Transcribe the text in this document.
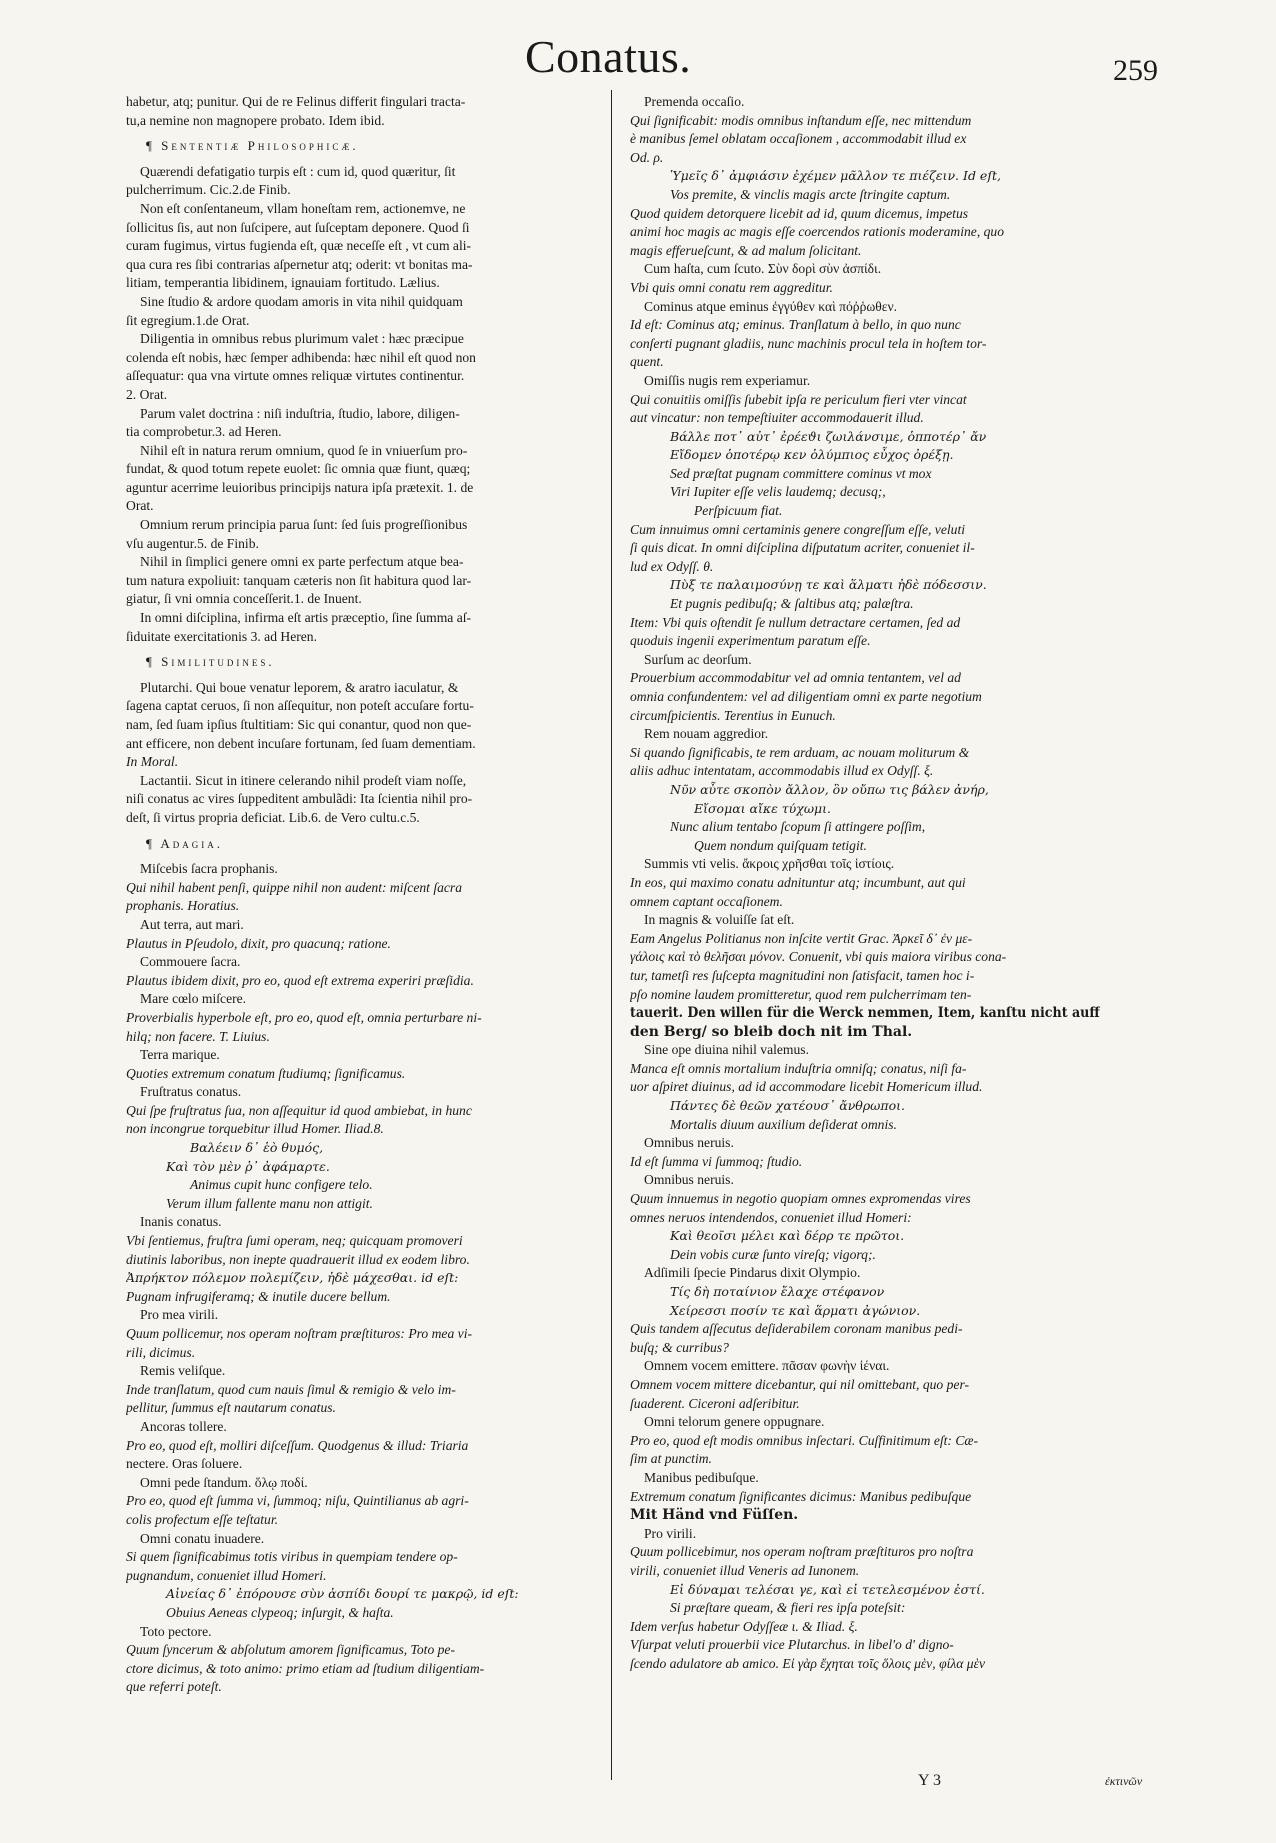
Conatus.	259
habetur, atq; punitur. Qui de re Felinus differit fingulari tracta-
tu,a nemine non magnopere probato. Idem ibid.
¶ Sententiæ Philosophicæ.
Quærendi defatigatio turpis eſt : cum id, quod quæritur, ſit
pulcherrimum. Cic.2.de Finib.
Non eſt conſentaneum, vllam honeſtam rem, actionemve, ne
ſollicitus ſis, aut non ſuſcipere, aut ſuſceptam deponere. Quod ſi
curam fugimus, virtus fugienda eſt, quæ neceſſe eſt , vt cum ali-
qua cura res ſibi contrarias aſpernetur atq; oderit: vt bonitas ma-
litiam, temperantia libidinem, ignauiam fortitudo. Lælius.
Sine ſtudio & ardore quodam amoris in vita nihil quidquam
ſit egregium.1.de Orat.
Diligentia in omnibus rebus plurimum valet : hæc præcipue
colenda eſt nobis, hæc ſemper adhibenda: hæc nihil eſt quod non
aſſequatur: qua vna virtute omnes reliquæ virtutes continentur.
2. Orat.
Parum valet doctrina : niſi induſtria, ſtudio, labore, diligen-
tia comprobetur.3. ad Heren.
Nihil eſt in natura rerum omnium, quod ſe in vniuerſum pro-
fundat, & quod totum repete euolet: ſic omnia quæ fiunt, quæq;
aguntur acerrime leuioribus principijs natura ipſa prætexit. 1. de
Orat.
Omnium rerum principia parua ſunt: ſed ſuis progreſſionibus
vſu augentur.5. de Finib.
Nihil in ſimplici genere omni ex parte perfectum atque bea-
tum natura expoliuit: tanquam cæteris non ſit habitura quod lar-
giatur, ſi vni omnia conceſſerit.1. de Inuent.
In omni diſciplina, infirma eſt artis præceptio, ſine ſumma aſ-
ſiduitate exercitationis 3. ad Heren.
¶ Similitudines.
Plutarchi. Qui boue venatur leporem, & aratro iaculatur, &
ſagena captat ceruos, ſi non aſſequitur, non poteſt accuſare fortu-
nam, ſed ſuam ipſius ſtultitiam: Sic qui conantur, quod non que-
ant efficere, non debent incuſare fortunam, ſed ſuam dementiam.
In Moral.
Lactantii. Sicut in itinere celerando nihil prodeſt viam noſſe,
niſi conatus ac vires ſuppeditent ambulãdi: Ita ſcientia nihil pro-
deſt, ſi virtus propria deficiat. Lib.6. de Vero cultu.c.5.
¶ Adagia.
Miſcebis ſacra prophanis.
Qui nihil habent penſi, quippe nihil non audent: miſcent ſacra
prophanis. Horatius.
Aut terra, aut mari.
Plautus in Pſeudolo, dixit, pro quacunq; ratione.
Commouere ſacra.
Plautus ibidem dixit, pro eo, quod eſt extrema experiri præſidia.
Mare cœlo miſcere.
Proverbialis hyperbole eſt, pro eo, quod eſt, omnia perturbare ni-
hilq; non facere. T. Liuius.
Terra marique.
Quoties extremum conatum ſtudiumq; ſignificamus.
Fruſtratus conatus.
Qui ſpe fruſtratus ſua, non aſſequitur id quod ambiebat, in hunc
non incongrue torquebitur illud Homer. Iliad.8.
Βαλέειν δ᾽ ἑὸ θυμός,
Καὶ τὸν μὲν ῥ᾽ ἀφάμαρτε.
Animus cupit hunc configere telo.
Verum illum fallente manu non attigit.
Inanis conatus.
Vbi ſentiemus, fruſtra ſumi operam, neq; quicquam promoveri
diutinis laboribus, non inepte quadrauerit illud ex eodem libro.
Ἀπρήκτον πόλεμον πολεμίζειν, ἠδὲ μάχεσθαι. id eſt:
Pugnam infrugiferamq; & inutile ducere bellum.
Pro mea virili.
Quum pollicemur, nos operam noſtram præſtituros: Pro mea vi-
rili, dicimus.
Remis veliſque.
Inde tranſlatum, quod cum nauis ſimul & remigio & velo im-
pellitur, ſummus eſt nautarum conatus.
Ancoras tollere.
Pro eo, quod eſt, molliri diſceſſum. Quodgenus & illud: Triaria
nectere. Oras ſoluere.
Omni pede ſtandum. ὅλῳ ποδί.
Pro eo, quod eſt ſumma vi, ſummoq; niſu, Quintilianus ab agri-
colis profectum eſſe teſtatur.
Omni conatu inuadere.
Si quem ſignificabimus totis viribus in quempiam tendere op-
pugnandum, conueniet illud Homeri.
Αἰνείας δ᾽ ἐπόρουσε σὺν ἀσπίδι δουρί τε μακρῷ, id eſt:
Obuius Aeneas clypeoq; inſurgit, & haſta.
Toto pectore.
Quum ſyncerum & abſolutum amorem ſignificamus, Toto pe-
ctore dicimus, & toto animo: primo etiam ad ſtudium diligentiam-
que referri poteſt.
Premenda occaſio.
Qui ſignificabit: modis omnibus inſtandum eſſe, nec mittendum
è manibus ſemel oblatam occaſionem , accommodabit illud ex
Od. ρ.
Ὑμεῖς δ᾽ ἀμφιάσιν ἐχέμεν μᾶλλον τε πιέζειν. Id eſt,
Vos premite, & vinclis magis arcte ſtringite captum.
Quod quidem detorquere licebit ad id, quum dicemus, impetus
animi hoc magis ac magis eſſe coercendos rationis moderamine, quo
magis efferueſcunt, & ad malum ſolicitant.
Cum haſta, cum ſcuto. Σὺν δορὶ σὺν ἀσπίδι.
Vbi quis omni conatu rem aggreditur.
Cominus atque eminus ἐγγύθεν καὶ πόῤῥωθεν.
Id eſt: Cominus atq; eminus. Tranſlatum à bello, in quo nunc
conſerti pugnant gladiis, nunc machinis procul tela in hoſtem tor-
quent.
Omiſſis nugis rem experiamur.
Qui conuitiis omiſſis ſubebit ipſa re periculum fieri vter vincat
aut vincatur: non tempeſtiuiter accommodauerit illud.
Βάλλε ποτ᾽ αὐτ᾽ ἐρέεϑι ζωιλάνσιμε, ὁπποτέρ᾽ ἄν
Εἴδομεν ὁποτέρῳ κεν ὀλύμπιος εὖχος ὀρέξῃ.
Sed præſtat pugnam committere cominus vt mox
Viri Iupiter eſſe velis laudemq; decusq;,
Perſpicuum fiat.
Cum innuimus omni certaminis genere congreſſum eſſe, veluti
ſi quis dicat. In omni diſciplina diſputatum acriter, conueniet il-
lud ex Odyſſ. θ.
Πὺξ τε παλαιμοσύνῃ τε καὶ ἅλματι ἠδὲ πόδεσσιν.
Et pugnis pedibuſq; & ſaltibus atq; palæſtra.
Item: Vbi quis oſtendit ſe nullum detractare certamen, ſed ad
quoduis ingenii experimentum paratum eſſe.
Surſum ac deorſum.
Prouerbium accommodabitur vel ad omnia tentantem, vel ad
omnia confundentem: vel ad diligentiam omni ex parte negotium
circumſpicientis. Terentius in Eunuch.
Rem nouam aggredior.
Si quando ſignificabis, te rem arduam, ac nouam moliturum &
aliis adhuc intentatam, accommodabis illud ex Odyſſ. ξ.
Νῦν αὖτε σκοπὸν ἄλλον, ὃν οὔπω τις βάλεν ἀνήρ,
Εἴσομαι αἴκε τύχωμι.
Nunc alium tentabo ſcopum ſi attingere poſſim,
Quem nondum quiſquam tetigit.
Summis vti velis. ἄκροις χρῆσθαι τοῖς ἱστίοις.
In eos, qui maximo conatu adnituntur atq; incumbunt, aut qui
omnem captant occaſionem.
In magnis & voluiſſe ſat eſt.
Eam Angelus Politianus non inſcite vertit Grac. Ἀρκεῖ δ᾽ ἐν με-
γάλοις καὶ τὸ θελῆσαι μόνον. Conuenit, vbi quis maiora viribus cona-
tur, tametſi res ſuſcepta magnitudini non ſatisfacit, tamen hoc i-
pſo nomine laudem promitteretur, quod rem pulcherrimam ten-
tauerit. Den willen für die Werck nemmen, Item, kanſtu nicht auff
den Berg/ so bleib doch nit im Thal.
Sine ope diuina nihil valemus.
Manca eſt omnis mortalium induſtria omniſq; conatus, niſi fa-
uor aſpiret diuinus, ad id accommodare licebit Homericum illud.
Πάντες δὲ θεῶν χατέουσ᾽ ἄνθρωποι.
Mortalis diuum auxilium deſiderat omnis.
Omnibus neruis.
Id eſt ſumma vi ſummoq; ſtudio.
Omnibus neruis.
Quum innuemus in negotio quopiam omnes expromendas vires
omnes neruos intendendos, conueniet illud Homeri:
Καὶ θεοῖσι μέλει καὶ δέρρ τε πρῶτοι.
Dein vobis curæ ſunto vireſq; vigorq;.
Adſimili ſpecie Pindarus dixit Olympio.
Τίς δὴ ποταίνιον ἔλαχε στέφανον
Χείρεσσι ποσίν τε καὶ ἅρματι ἀγώνιον.
Quis tandem aſſecutus deſiderabilem coronam manibus pedi-
buſq; & curribus?
Omnem vocem emittere. πᾶσαν φωνὴν ἱέναι.
Omnem vocem mittere dicebantur, qui nil omittebant, quo per-
ſuaderent. Ciceroni adſeribitur.
Omni telorum genere oppugnare.
Pro eo, quod eſt modis omnibus inſectari. Cuſfinitimum eſt: Cæ-
ſim at punctim.
Manibus pedibuſque.
Extremum conatum ſignificantes dicimus: Manibus pedibuſque
Mit Händ vnd Füſſen.
Pro virili.
Quum pollicebimur, nos operam noſtram præſtituros pro noſtra
virili, conueniet illud Veneris ad Iunonem.
Εἰ δύναμαι τελέσαι γε, καὶ εἰ τετελεσμένον ἐστί.
Si præſtare queam, & fieri res ipſa poteſsit:
Idem verſus habetur Odyſſeæ ι. & Iliad. ξ.
Vſurpat veluti prouerbii vice Plutarchus. in libel'o d' digno-
ſcendo adulatore ab amico. Εἰ γὰρ ἔχηται τοῖς ὅλοις μὲν, φίλα μὲν
Y 3	ἐκτινῶν
